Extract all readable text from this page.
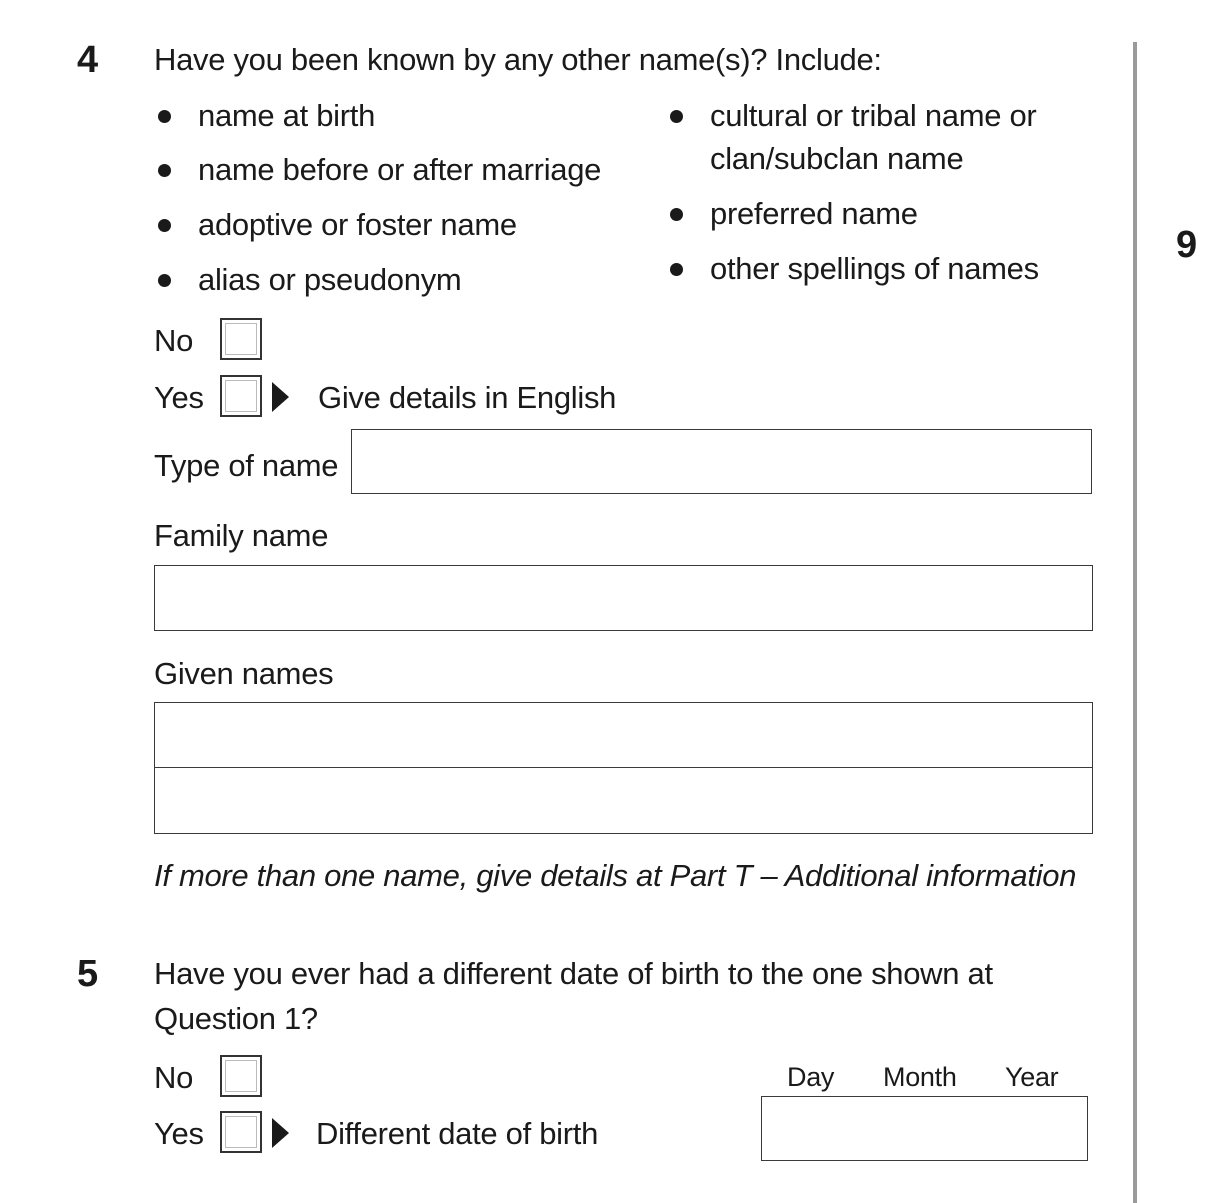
9
4 Have you been known by any other name(s)? Include:
name at birth
name before or after marriage
adoptive or foster name
alias or pseudonym
cultural or tribal name or
clan/subclan name
preferred name
other spellings of names
No
Yes	Give details in English
Type of name
Family name
Given names
If more than one name, give details at Part T – Additional information
5 Have you ever had a different date of birth to the one shown at
Question 1?
No
Yes	Different date of birth
Day Month Year
